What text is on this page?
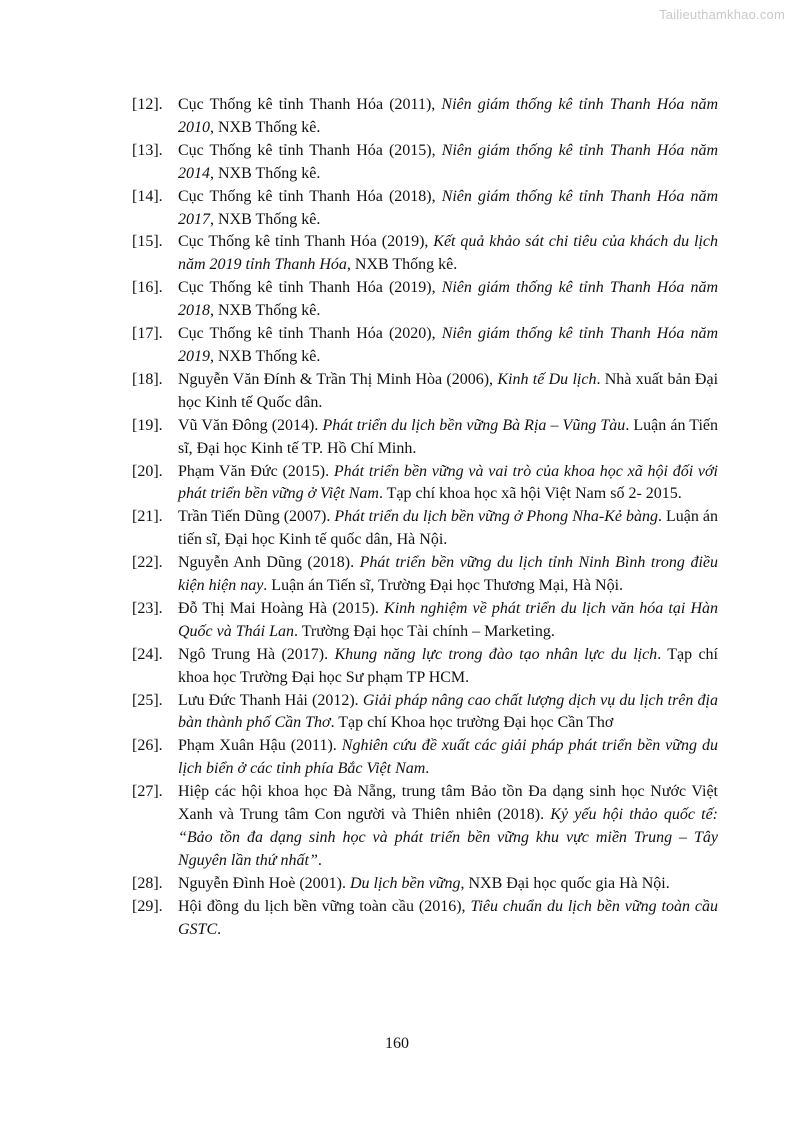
Tailieuthamkhao.com
[12]. Cục Thống kê tỉnh Thanh Hóa (2011), Niên giám thống kê tỉnh Thanh Hóa năm 2010, NXB Thống kê.
[13]. Cục Thống kê tỉnh Thanh Hóa (2015), Niên giám thống kê tỉnh Thanh Hóa năm 2014, NXB Thống kê.
[14]. Cục Thống kê tỉnh Thanh Hóa (2018), Niên giám thống kê tỉnh Thanh Hóa năm 2017, NXB Thống kê.
[15]. Cục Thống kê tỉnh Thanh Hóa (2019), Kết quả khảo sát chi tiêu của khách du lịch năm 2019 tỉnh Thanh Hóa, NXB Thống kê.
[16]. Cục Thống kê tỉnh Thanh Hóa (2019), Niên giám thống kê tỉnh Thanh Hóa năm 2018, NXB Thống kê.
[17]. Cục Thống kê tỉnh Thanh Hóa (2020), Niên giám thống kê tỉnh Thanh Hóa năm 2019, NXB Thống kê.
[18]. Nguyễn Văn Đính & Trần Thị Minh Hòa (2006), Kinh tế Du lịch. Nhà xuất bản Đại học Kinh tế Quốc dân.
[19]. Vũ Văn Đông (2014). Phát triển du lịch bền vững Bà Rịa – Vũng Tàu. Luận án Tiến sĩ, Đại học Kinh tế TP. Hồ Chí Minh.
[20]. Phạm Văn Đức (2015). Phát triển bền vững và vai trò của khoa học xã hội đối với phát triển bền vững ở Việt Nam. Tạp chí khoa học xã hội Việt Nam số 2- 2015.
[21]. Trần Tiến Dũng (2007). Phát triển du lịch bền vững ở Phong Nha-Kẻ bàng. Luận án tiến sĩ, Đại học Kinh tế quốc dân, Hà Nội.
[22]. Nguyễn Anh Dũng (2018). Phát triển bền vững du lịch tỉnh Ninh Bình trong điều kiện hiện nay. Luận án Tiến sĩ, Trường Đại học Thương Mại, Hà Nội.
[23]. Đỗ Thị Mai Hoàng Hà (2015). Kinh nghiệm về phát triển du lịch văn hóa tại Hàn Quốc và Thái Lan. Trường Đại học Tài chính – Marketing.
[24]. Ngô Trung Hà (2017). Khung năng lực trong đào tạo nhân lực du lịch. Tạp chí khoa học Trường Đại học Sư phạm TP HCM.
[25]. Lưu Đức Thanh Hải (2012). Giải pháp nâng cao chất lượng dịch vụ du lịch trên địa bàn thành phố Cần Thơ. Tạp chí Khoa học trường Đại học Cần Thơ
[26]. Phạm Xuân Hậu (2011). Nghiên cứu đề xuất các giải pháp phát triển bền vững du lịch biển ở các tỉnh phía Bắc Việt Nam.
[27]. Hiệp các hội khoa học Đà Nẵng, trung tâm Bảo tồn Đa dạng sinh học Nước Việt Xanh và Trung tâm Con người và Thiên nhiên (2018). Kỷ yếu hội thảo quốc tế: “Bảo tồn đa dạng sinh học và phát triển bền vững khu vực miền Trung – Tây Nguyên lần thứ nhất”.
[28]. Nguyễn Đình Hoè (2001). Du lịch bền vững, NXB Đại học quốc gia Hà Nội.
[29]. Hội đồng du lịch bền vững toàn cầu (2016), Tiêu chuẩn du lịch bền vững toàn cầu GSTC.
160
